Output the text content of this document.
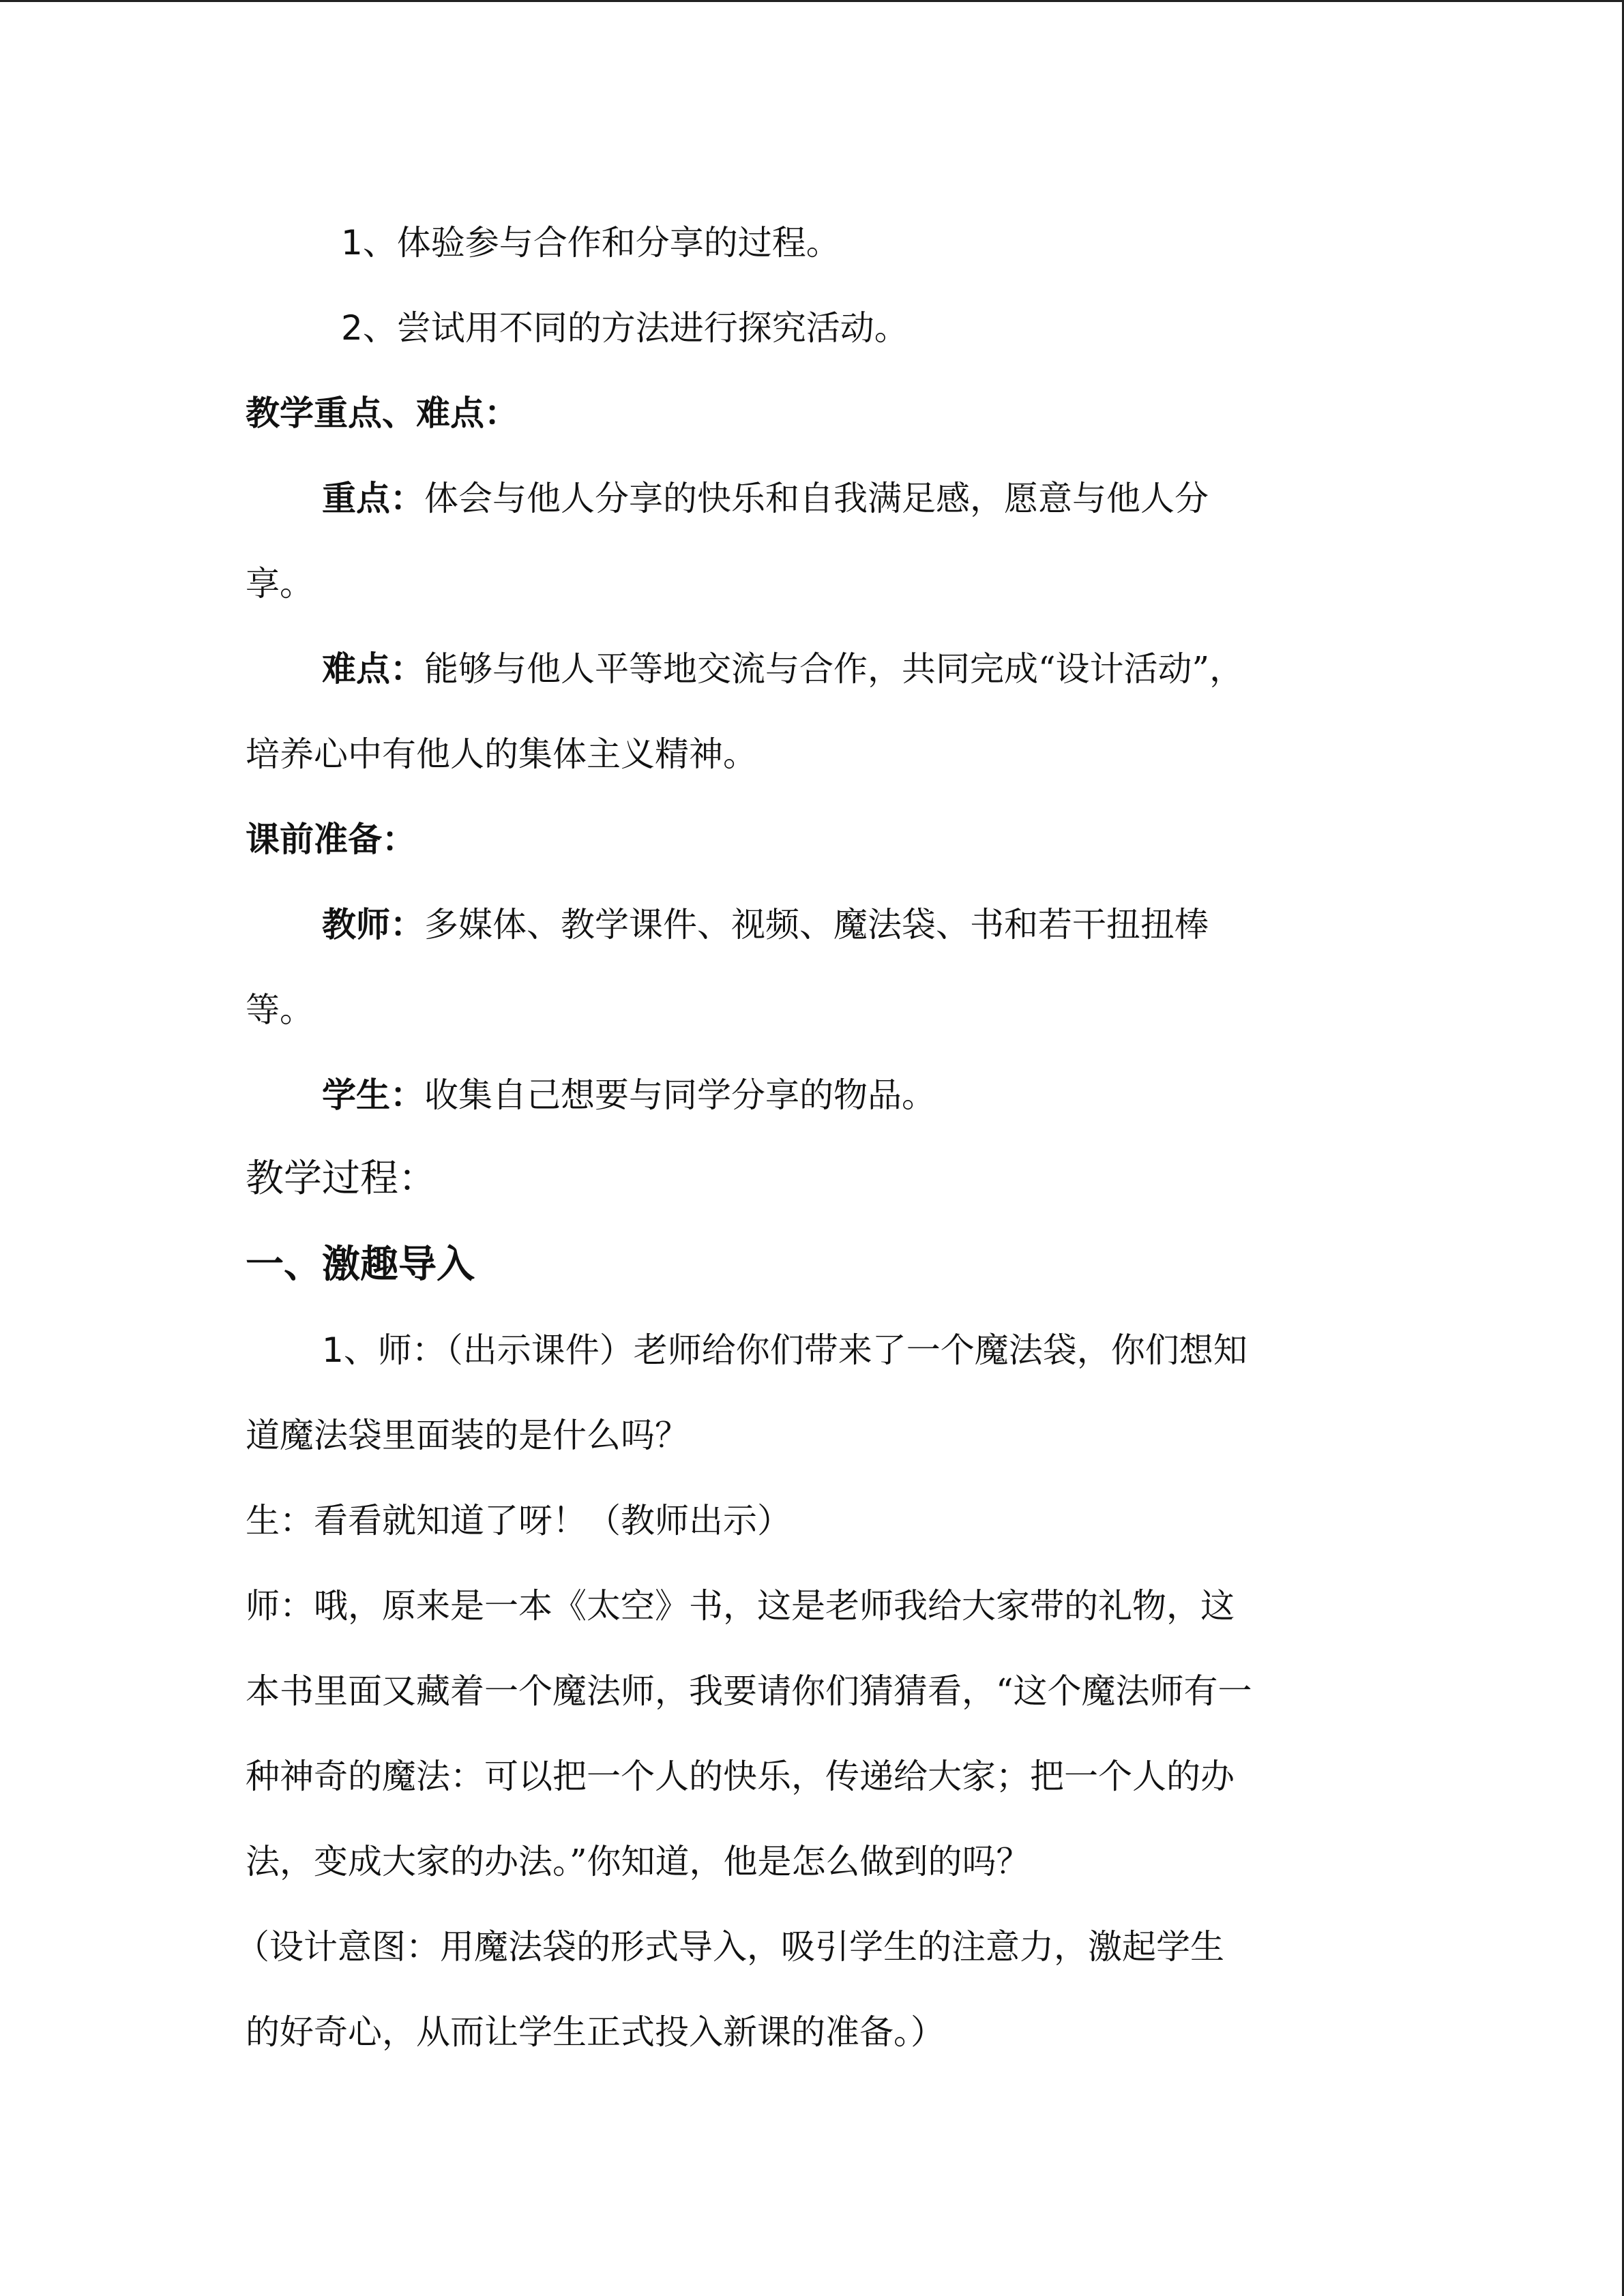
1、体验参与合作和分享的过程。

2、尝试用不同的方法进行探究活动。

教学重点、难点：

重点：体会与他人分享的快乐和自我满足感，愿意与他人分

享。

难点：能够与他人平等地交流与合作，共同完成“设计活动”，

培养心中有他人的集体主义精神。

课前准备：

教师：多媒体、教学课件、视频、魔法袋、书和若干扭扭棒

等。

学生：收集自己想要与同学分享的物品。

教学过程：

一、激趣导入

1、师：（出示课件）老师给你们带来了一个魔法袋，你们想知

道魔法袋里面装的是什么吗？

生：看看就知道了呀！（教师出示）

师：哦，原来是一本《太空》书，这是老师我给大家带的礼物，这

本书里面又藏着一个魔法师，我要请你们猜猜看，“这个魔法师有一

种神奇的魔法：可以把一个人的快乐，传递给大家；把一个人的办

法，变成大家的办法。”你知道，他是怎么做到的吗？

（设计意图：用魔法袋的形式导入，吸引学生的注意力，激起学生

的好奇心，从而让学生正式投入新课的准备。）
